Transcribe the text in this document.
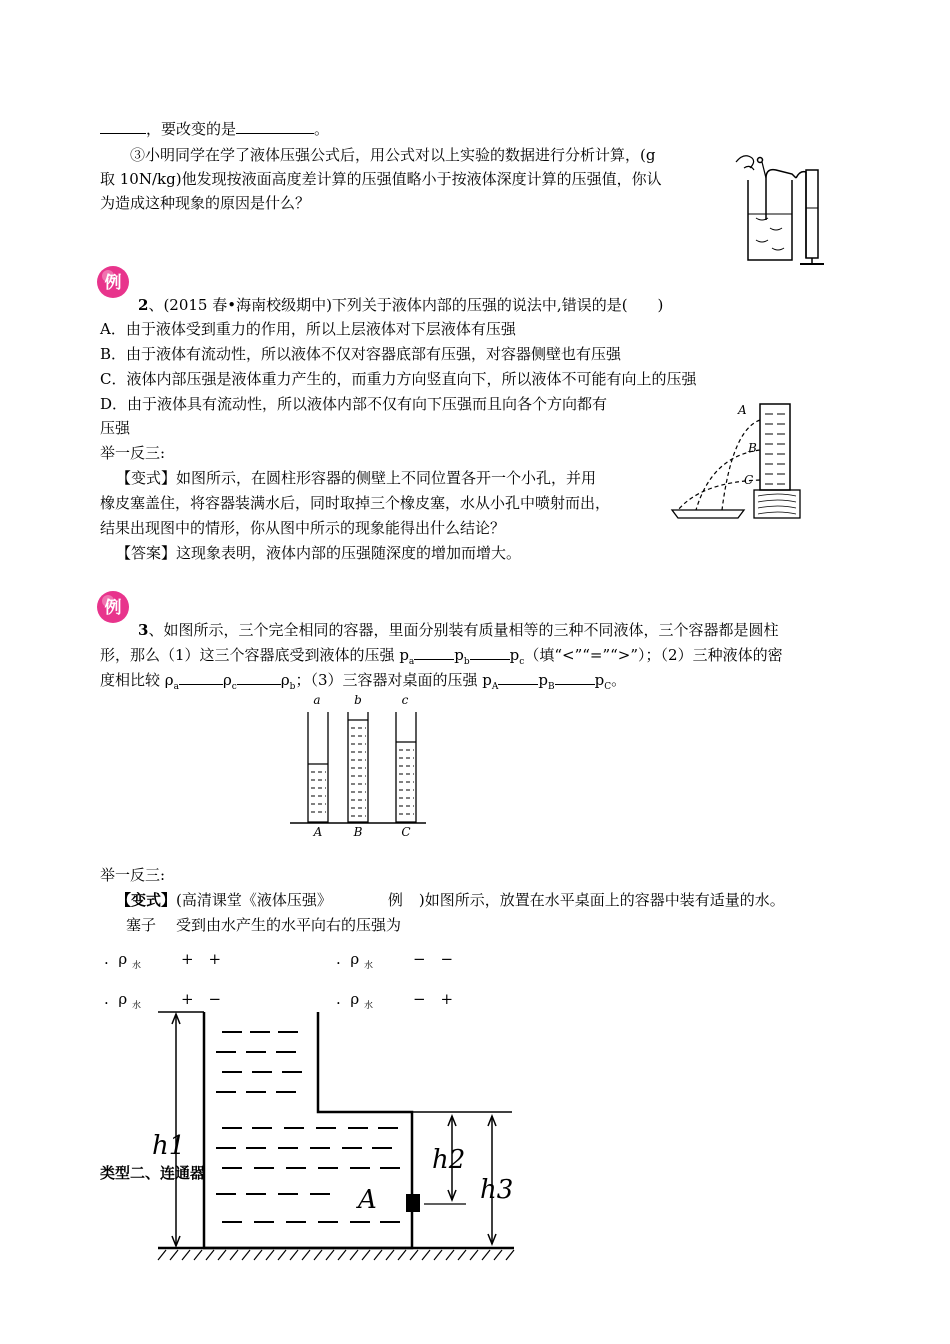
，要改变的是	。
③小明同学在学了液体压强公式后，用公式对以上实验的数据进行分析计算，(g
取 10N/kg)他发现按液面高度差计算的压强值略小于按液体深度计算的压强值，你认
为造成这种现象的原因是什么？
例
2、(2015 春•海南校级期中)下列关于液体内部的压强的说法中,错误的是(　　)
A．由于液体受到重力的作用，所以上层液体对下层液体有压强
B．由于液体有流动性，所以液体不仅对容器底部有压强，对容器侧壁也有压强
C．液体内部压强是液体重力产生的，而重力方向竖直向下，所以液体不可能有向上的压强
D．由于液体具有流动性，所以液体内部不仅有向下压强而且向各个方向都有
压强
举一反三:
【变式】如图所示，在圆柱形容器的侧壁上不同位置各开一个小孔，并用
橡皮塞盖住，将容器装满水后，同时取掉三个橡皮塞，水从小孔中喷射而出，
结果出现图中的情形，你从图中所示的现象能得出什么结论？
【答案】这现象表明，液体内部的压强随深度的增加而增大。
A
B
C
例
3、如图所示，三个完全相同的容器，里面分别装有质量相等的三种不同液体，三个容器都是圆柱
形，那么（1）这三个容器底受到液体的压强 $p_a$	$p_b$	$p_c$（填“<”“=”“>”）；（2）三种液体的密
度相比较 $\rho_a$	$\rho_c$	$\rho_b$；（3）三容器对桌面的压强 $p_A$	$p_B$	$p_C$。
a	b	c
A	B	C
举一反三:
【变式】(高清课堂《液体压强》	例 )如图所示，放置在水平桌面上的容器中装有适量的水。
塞子 受到由水产生的水平向右的压强为
. ρ $_水$	+　+	. ρ $_水$	−　−
. ρ $_水$	+　−	. ρ $_水$	−　+
h1	h2
h3
A
类型二、连通器
